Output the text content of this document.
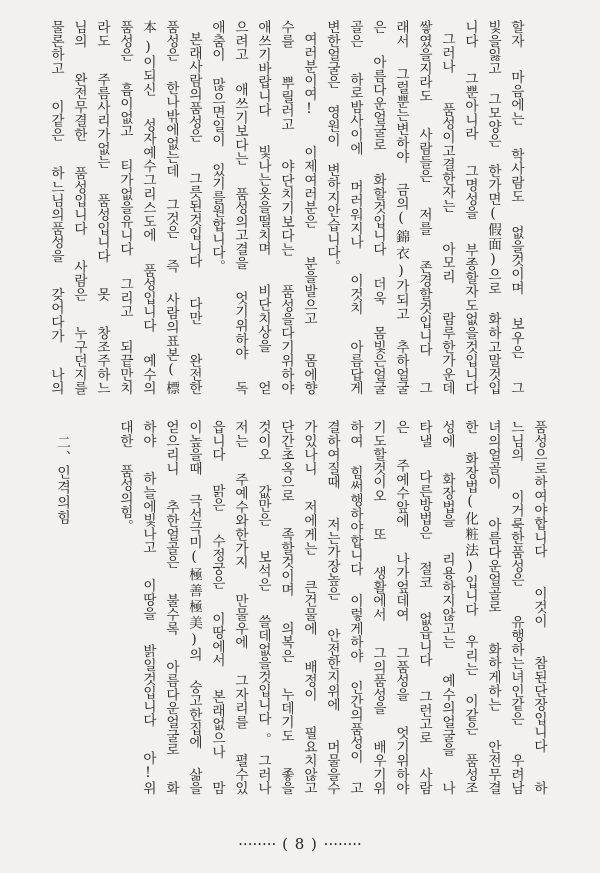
할자 마음에는 학사람도 없을것이며 보우은 그
빛을잃고 그모양은 한가면(假面)으로 화하고말것입
니다 그뿐아니라 그명성을 부종할자도없을것입니다
그러나 품성이고결한자는 아모리 람루한가운데
쌓였을지라도 사람들은 저를 존경할것입니다 그
래서 그럴뿐는변하야 금의(錦衣)가되고 추하얼굴
은 아름다운얼굴로 화할것입니다 더욱 몸빛은얼굴
골은 하로밤사이에 머러워지나 이것치 아름답게
변한얼굴은 영원이 변하지안습니다。
여러분이여! 이제여러분은 분을발으고 몸에향
수를 뿌릴러고 야단치기보다는 품성을다기위하야
애쓰기바랍니다 빛나는옷을떨치며 비단치상을 얻
으려고 애쓰기보다는 품성의고결을 엇기위하야 독
애춤이 많으면일이 있기를원합니다。
본래사람의품성은 그릇된것입니다 다만 완전한
품성은 한나밖에없는데 그것은 즉 사람의표본(標
本)이되신 성자예수그리스도에 품성입니다 예수의
품성은 흠이없고 티가없을유니다 그리고 되끝만치
라도 주름사리가없는 품성입니다 못 창조주하느
님의 완전무결한 품성입니다 사람은 누구던지를
물론하고 이같은 하느님의품성을 갖어다가 나의
품성으로하여야합니다 이것이 참된단장입니다 하
느님의 이거룩한품성은 유행하는녀인같은 우려남
녀의얼골이 아름다운얼골로 화하게하는 안전무결
한 화장법(化粧法)입니다 우리는 이같은 품성조
성에 화장법을 리용하지않고는 예수의얼굴을 나
타낼 다른방법은 절코 없읍니다 그런고로 사람
은 주예수앞에 나가엎데여 그품성을 엇기위하야
기도할것이오 또 생활에서 그의품성을 배우기위
하여 힘써행하야합니다 이렇게하야 인간의품성이 고
결하여질때 저는가장높은 안전한지위에 머물을수
가있나니 저에게는 큰건물에 배정이 필요치않고
단간초옥으로 족할것이며 의복은 누데기도 좋을
것이오 값만은 보석은 쓸데없을것입니다。그러나
저는 주예수와한가지 만물우에 그자리를 펼수있
읍니다 맑은 수정궁은 이땅에서 본래없으나 맘
이높을때 극선극미(極善極美)의 숭고한집에 삶을
얻으리니 추한얼골은 불수록 아름다운얼굴로 화
하야 하늘에빛나고 이땅을 밝일것입니다 아!위
대한 품성의힘。
二、인격의힘
········ ( 8 ) ········
